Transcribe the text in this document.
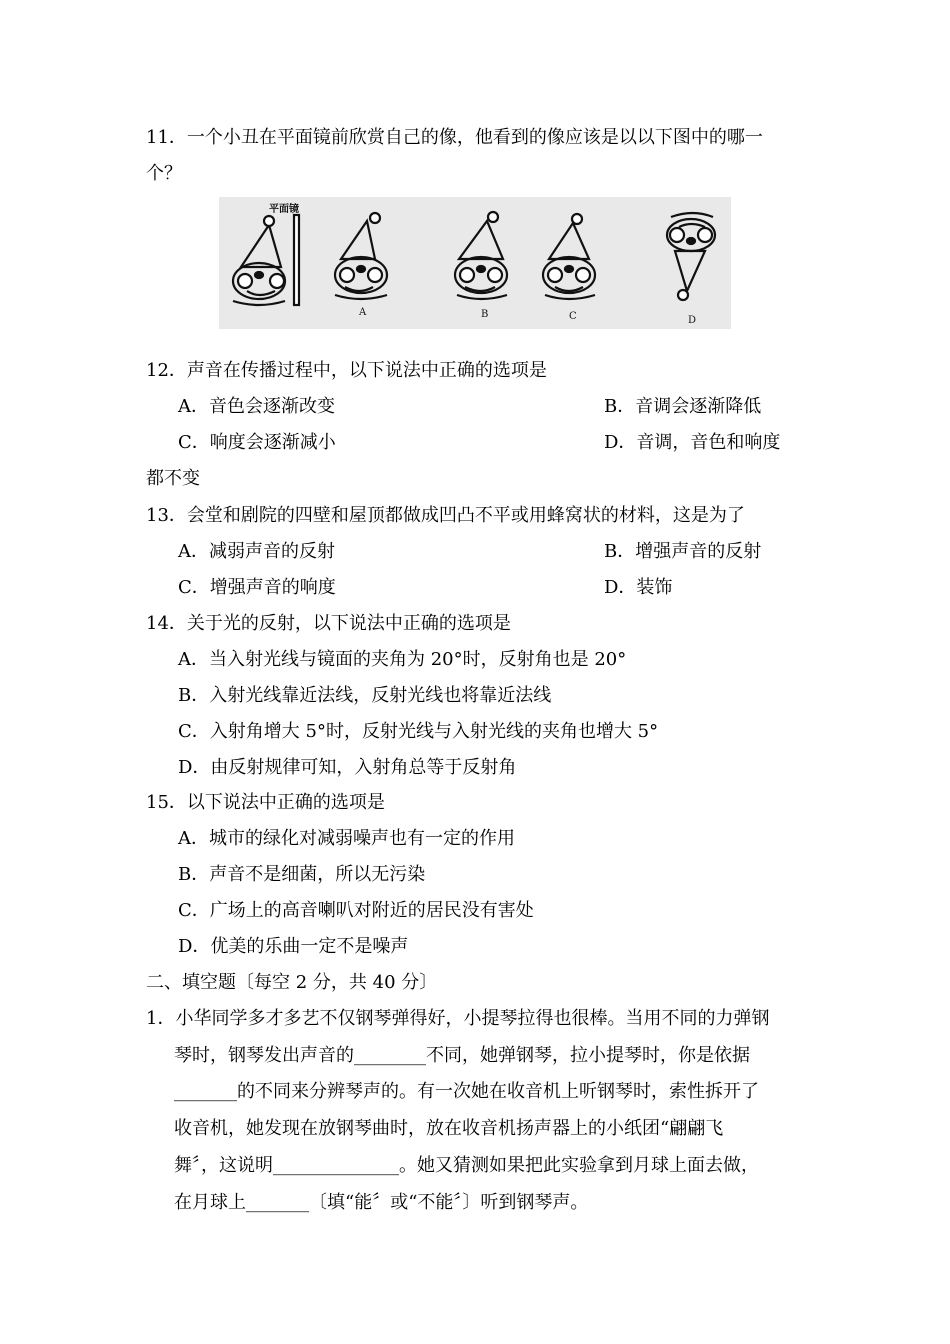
11．一个小丑在平面镜前欣赏自己的像，他看到的像应该是以以下图中的哪一
个？
平面镜
A	B	C	D
12．声音在传播过程中，以下说法中正确的选项是
A．音色会逐渐改变	B．音调会逐渐降低
C．响度会逐渐减小	D．音调，音色和响度
都不变
13．会堂和剧院的四壁和屋顶都做成凹凸不平或用蜂窝状的材料，这是为了
A．减弱声音的反射	B．增强声音的反射
C．增强声音的响度	D．装饰
14．关于光的反射，以下说法中正确的选项是
A．当入射光线与镜面的夹角为 20°时，反射角也是 20°
B．入射光线靠近法线，反射光线也将靠近法线
C．入射角增大 5°时，反射光线与入射光线的夹角也增大 5°
D．由反射规律可知，入射角总等于反射角
15．以下说法中正确的选项是
A．城市的绿化对减弱噪声也有一定的作用
B．声音不是细菌，所以无污染
C．广场上的高音喇叭对附近的居民没有害处
D．优美的乐曲一定不是噪声
二、填空题〔每空 2 分，共 40 分〕
1．小华同学多才多艺不仅钢琴弹得好，小提琴拉得也很棒。当用不同的力弹钢
琴时，钢琴发出声音的________不同，她弹钢琴，拉小提琴时，你是依据
_______的不同来分辨琴声的。有一次她在收音机上听钢琴时，索性拆开了
收音机，她发现在放钢琴曲时，放在收音机扬声器上的小纸团“翩翩飞
舞〞，这说明______________。她又猜测如果把此实验拿到月球上面去做，
在月球上_______〔填“能〞或“不能〞〕听到钢琴声。
